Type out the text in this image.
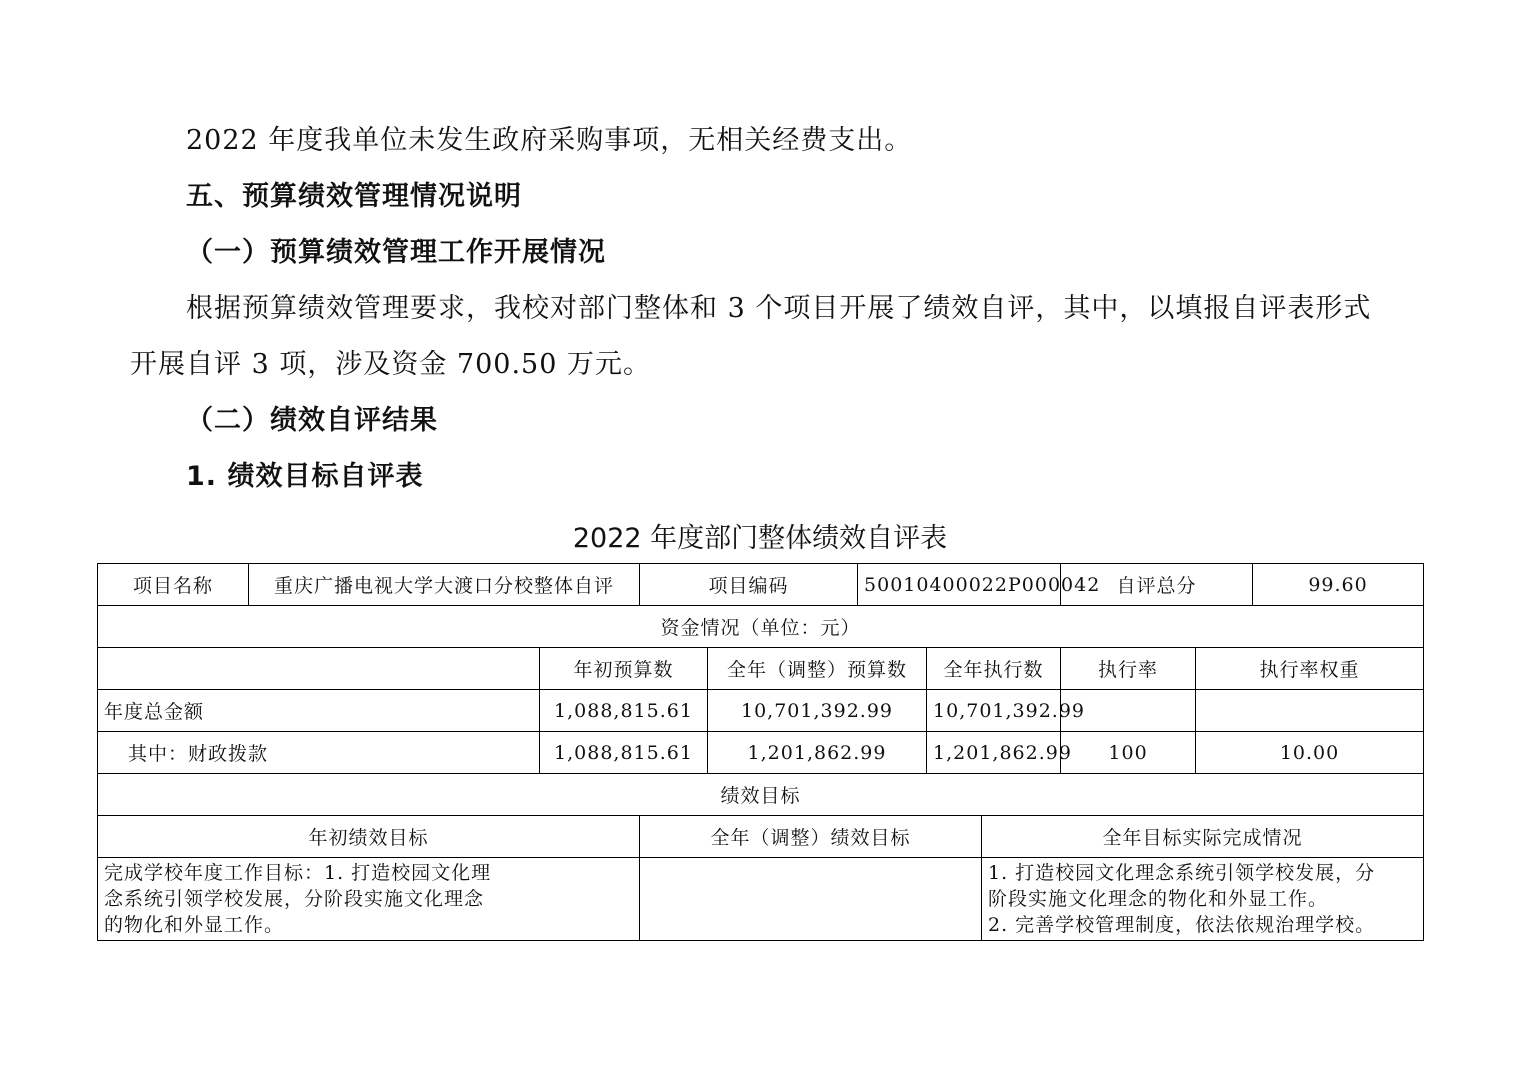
2022 年度我单位未发生政府采购事项，无相关经费支出。
五、预算绩效管理情况说明
（一）预算绩效管理工作开展情况
根据预算绩效管理要求，我校对部门整体和 3 个项目开展了绩效自评，其中，以填报自评表形式
开展自评 3 项，涉及资金 700.50 万元。
（二）绩效自评结果
1. 绩效目标自评表
2022 年度部门整体绩效自评表
项目名称	重庆广播电视大学大渡口分校整体自评		项目编码		50010400022P000042			自评总分		99.60	
资金情况（单位：元）											
		年初预算数		全年（调整）预算数		全年执行数		执行率	执行率权重	
年度总金额		1,088,815.61		10,701,392.99		10,701,392.99					
其中：财政拨款		1,088,815.61		1,201,862.99		1,201,862.99		100	10.00	
绩效目标											
年初绩效目标			全年（调整）绩效目标				全年目标实际完成情况				

完成学校年度工作目标：1. 打造校园文化理
念系统引领学校发展，分阶段实施文化理念
的物化和外显工作。							1. 打造校园文化理念系统引领学校发展，分
阶段实施文化理念的物化和外显工作。
2. 完善学校管理制度，依法依规治理学校。				
